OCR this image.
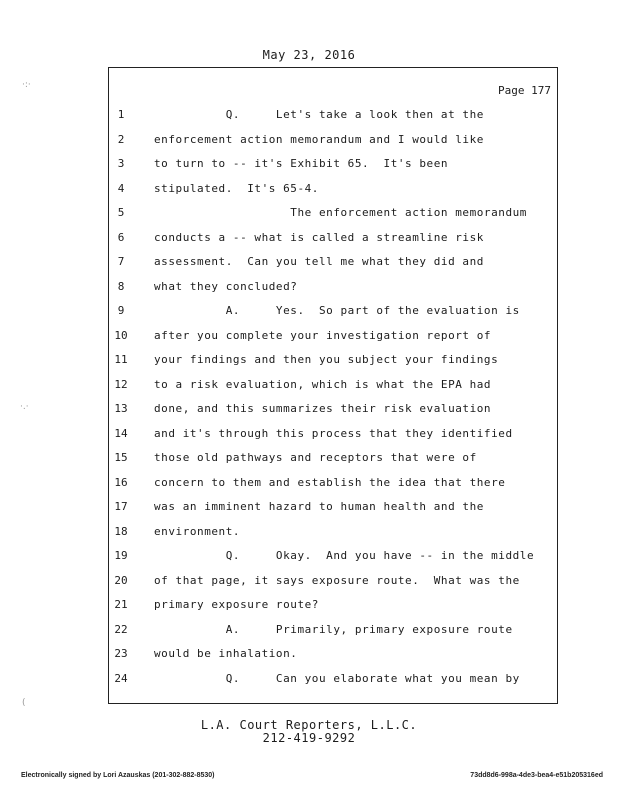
May 23, 2016
Page 177
1	Q.     Let's take a look then at the
2	enforcement action memorandum and I would like
3	to turn to -- it's Exhibit 65.  It's been
4	stipulated.  It's 65-4.
5	The enforcement action memorandum
6	conducts a -- what is called a streamline risk
7	assessment.  Can you tell me what they did and
8	what they concluded?
9	A.     Yes.  So part of the evaluation is
10	after you complete your investigation report of
11	your findings and then you subject your findings
12	to a risk evaluation, which is what the EPA had
13	done, and this summarizes their risk evaluation
14	and it's through this process that they identified
15	those old pathways and receptors that were of
16	concern to them and establish the idea that there
17	was an imminent hazard to human health and the
18	environment.
19	Q.     Okay.  And you have -- in the middle
20	of that page, it says exposure route.  What was the
21	primary exposure route?
22	A.     Primarily, primary exposure route
23	would be inhalation.
24	Q.     Can you elaborate what you mean by
L.A. Court Reporters, L.L.C.
212-419-9292
Electronically signed by Lori Azauskas (201-302-882-8530)	73dd8d6-998a-4de3-bea4-e51b205316ed
·:·
·.·
(
